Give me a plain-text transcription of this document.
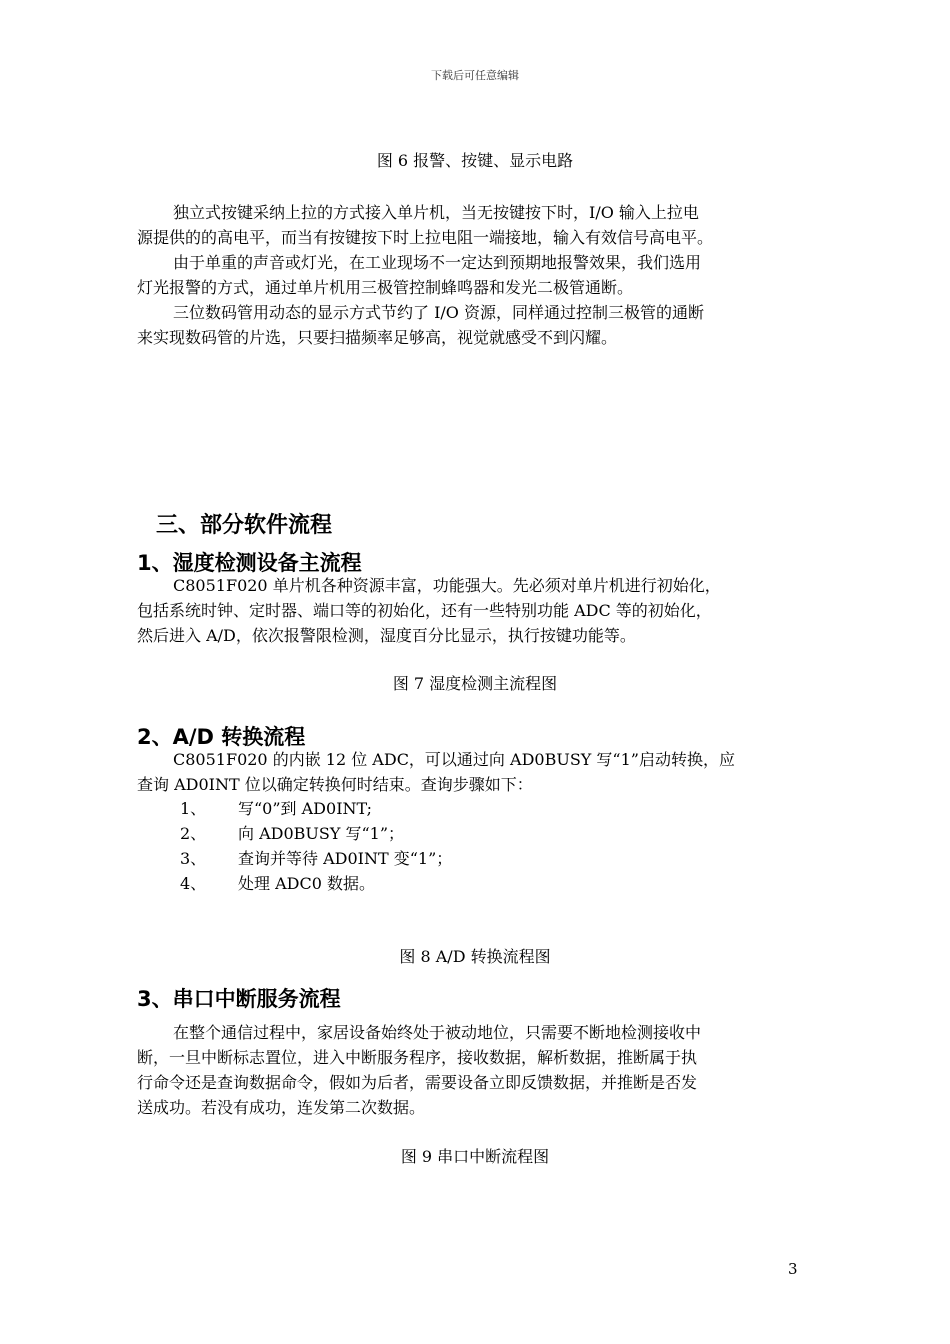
下载后可任意编辑
图 6 报警、按键、显示电路

独立式按键采纳上拉的方式接入单片机，当无按键按下时，I/O 输入上拉电
源提供的的高电平，而当有按键按下时上拉电阻一端接地，输入有效信号高电平。

由于单重的声音或灯光，在工业现场不一定达到预期地报警效果，我们选用
灯光报警的方式，通过单片机用三极管控制蜂鸣器和发光二极管通断。

三位数码管用动态的显示方式节约了 I/O 资源，同样通过控制三极管的通断
来实现数码管的片选，只要扫描频率足够高，视觉就感受不到闪耀。

三、部分软件流程
1、湿度检测设备主流程

C8051F020 单片机各种资源丰富，功能强大。先必须对单片机进行初始化，
包括系统时钟、定时器、端口等的初始化，还有一些特别功能 ADC 等的初始化，
然后进入 A/D，依次报警限检测，湿度百分比显示，执行按键功能等。

图 7 湿度检测主流程图
2、A/D 转换流程

C8051F020 的内嵌 12 位 ADC，可以通过向 AD0BUSY 写“1”启动转换，应
查询 AD0INT 位以确定转换何时结束。查询步骤如下：

1、 写“0”到 AD0INT;
2、 向 AD0BUSY 写“1”；
3、 查询并等待 AD0INT 变“1”；
4、 处理 ADC0 数据。
图 8 A/D 转换流程图
3、串口中断服务流程

在整个通信过程中，家居设备始终处于被动地位，只需要不断地检测接收中
断，一旦中断标志置位，进入中断服务程序，接收数据，解析数据，推断属于执
行命令还是查询数据命令，假如为后者，需要设备立即反馈数据，并推断是否发
送成功。若没有成功，连发第二次数据。

图 9 串口中断流程图
3
